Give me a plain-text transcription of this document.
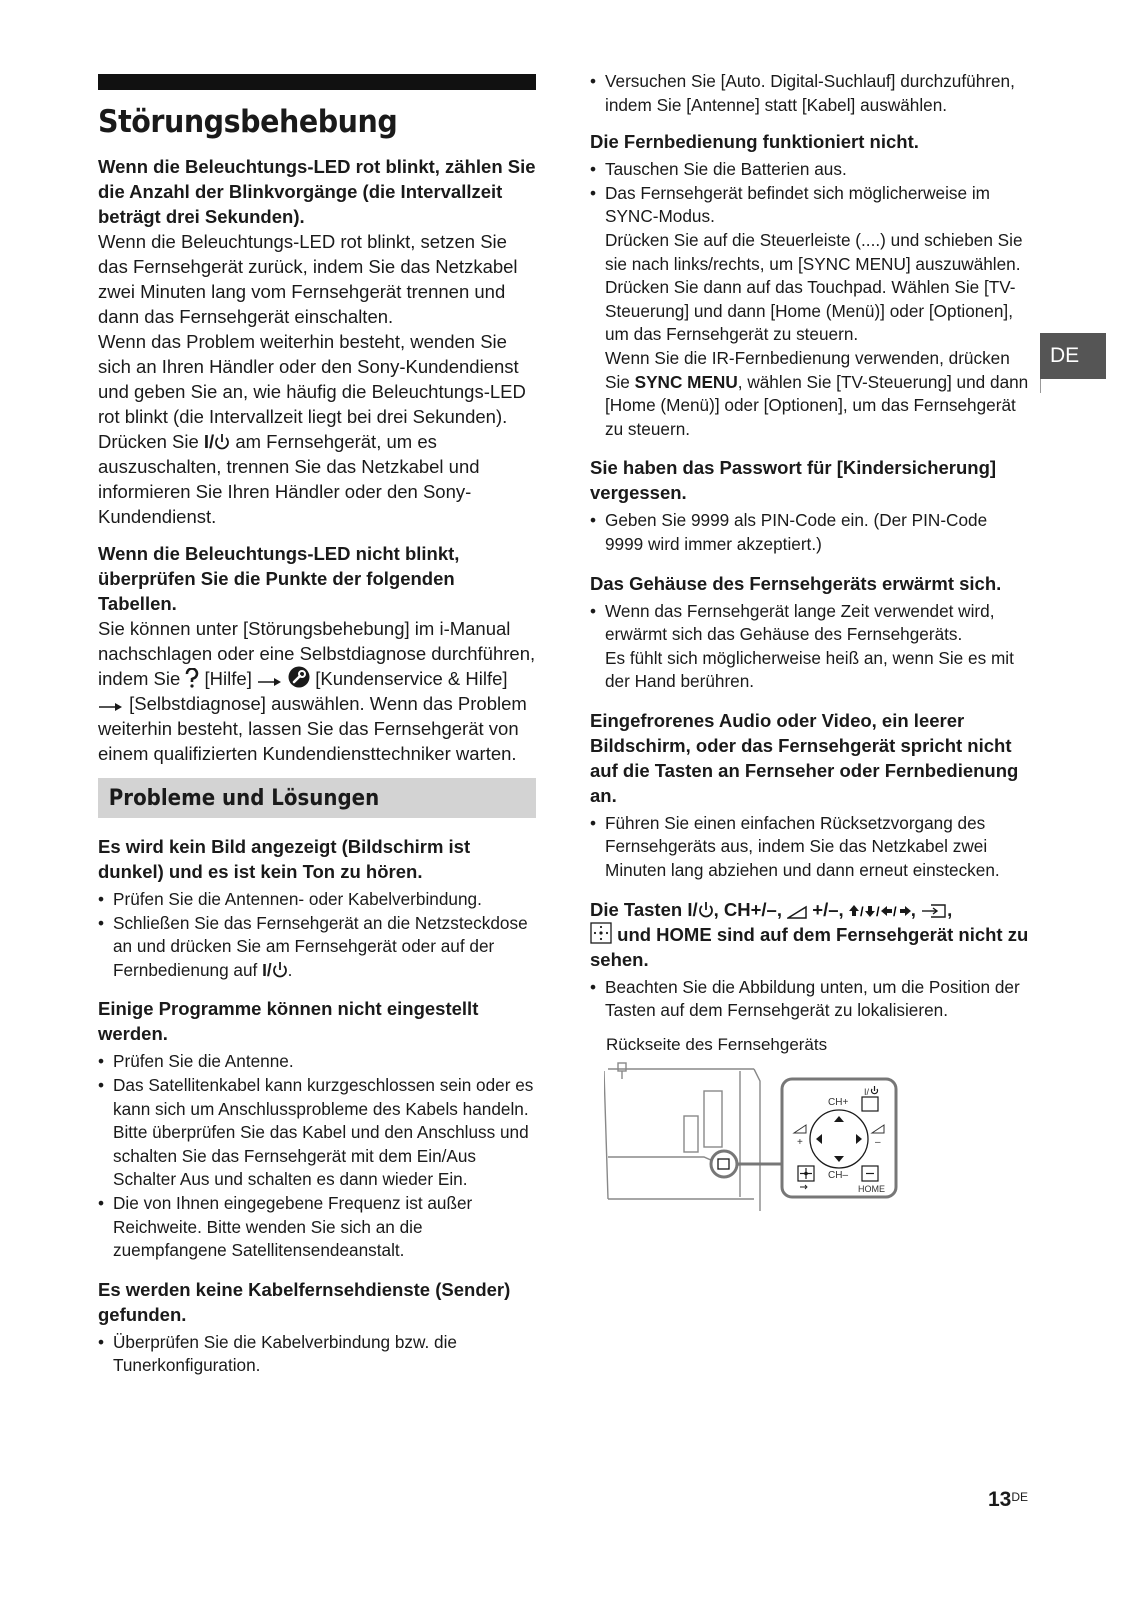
Störungsbehebung
Wenn die Beleuchtungs-LED rot blinkt, zählen Sie die Anzahl der Blinkvorgänge (die Intervallzeit beträgt drei Sekunden).
Wenn die Beleuchtungs-LED rot blinkt, setzen Sie das Fernsehgerät zurück, indem Sie das Netzkabel zwei Minuten lang vom Fernsehgerät trennen und dann das Fernsehgerät einschalten.
Wenn das Problem weiterhin besteht, wenden Sie sich an Ihren Händler oder den Sony-Kundendienst und geben Sie an, wie häufig die Beleuchtungs-LED rot blinkt (die Intervallzeit liegt bei drei Sekunden). Drücken Sie I/ am Fernsehgerät, um es auszuschalten, trennen Sie das Netzkabel und informieren Sie Ihren Händler oder den Sony-Kundendienst.
Wenn die Beleuchtungs-LED nicht blinkt, überprüfen Sie die Punkte der folgenden Tabellen.
Sie können unter [Störungsbehebung] im i-Manual nachschlagen oder eine Selbstdiagnose durchführen, indem Sie [Hilfe]	[Kundenservice & Hilfe]  [Selbstdiagnose] auswählen. Wenn das Problem weiterhin besteht, lassen Sie das Fernsehgerät von einem qualifizierten Kundendiensttechniker warten.
Probleme und Lösungen
Es wird kein Bild angezeigt (Bildschirm ist dunkel) und es ist kein Ton zu hören.
• Prüfen Sie die Antennen- oder Kabelverbindung.
• Schließen Sie das Fernsehgerät an die Netzsteckdose an und drücken Sie am Fernsehgerät oder auf der Fernbedienung auf I/ .
Einige Programme können nicht eingestellt werden.
• Prüfen Sie die Antenne.
• Das Satellitenkabel kann kurzgeschlossen sein oder es kann sich um Anschlussprobleme des Kabels handeln. Bitte überprüfen Sie das Kabel und den Anschluss und schalten Sie das Fernsehgerät mit dem Ein/Aus Schalter Aus und schalten es dann wieder Ein.
• Die von Ihnen eingegebene Frequenz ist außer Reichweite. Bitte wenden Sie sich an die zuempfangene Satellitensendeanstalt.
Es werden keine Kabelfernsehdienste (Sender) gefunden.
• Überprüfen Sie die Kabelverbindung bzw. die Tunerkonfiguration.
• Versuchen Sie [Auto. Digital-Suchlauf] durchzuführen, indem Sie [Antenne] statt [Kabel] auswählen.
Die Fernbedienung funktioniert nicht.
• Tauschen Sie die Batterien aus.
• Das Fernsehgerät befindet sich möglicherweise im SYNC-Modus.
Drücken Sie auf die Steuerleiste (....) und schieben Sie sie nach links/rechts, um [SYNC MENU] auszuwählen. Drücken Sie dann auf das Touchpad. Wählen Sie [TV-Steuerung] und dann [Home (Menü)] oder [Optionen], um das Fernsehgerät zu steuern.
Wenn Sie die IR-Fernbedienung verwenden, drücken Sie SYNC MENU, wählen Sie [TV-Steuerung] und dann [Home (Menü)] oder [Optionen], um das Fernsehgerät zu steuern.
Sie haben das Passwort für [Kindersicherung] vergessen.
• Geben Sie 9999 als PIN-Code ein. (Der PIN-Code 9999 wird immer akzeptiert.)
Das Gehäuse des Fernsehgeräts erwärmt sich.
• Wenn das Fernsehgerät lange Zeit verwendet wird, erwärmt sich das Gehäuse des Fernsehgeräts.
Es fühlt sich möglicherweise heiß an, wenn Sie es mit der Hand berühren.
Eingefrorenes Audio oder Video, ein leerer Bildschirm, oder das Fernsehgerät spricht nicht auf die Tasten an Fernseher oder Fernbedienung an.
• Führen Sie einen einfachen Rücksetzvorgang des Fernsehgeräts aus, indem Sie das Netzkabel zwei Minuten lang abziehen und dann erneut einstecken.
Die Tasten I/ , CH+/–, +/–, / / / , ,
und HOME sind auf dem Fernsehgerät nicht zu sehen.
• Beachten Sie die Abbildung unten, um die Position der Tasten auf dem Fernsehgerät zu lokalisieren.
Rückseite des Fernsehgeräts
CH+
I/
+	–
CH–
HOME
DE
13DE
